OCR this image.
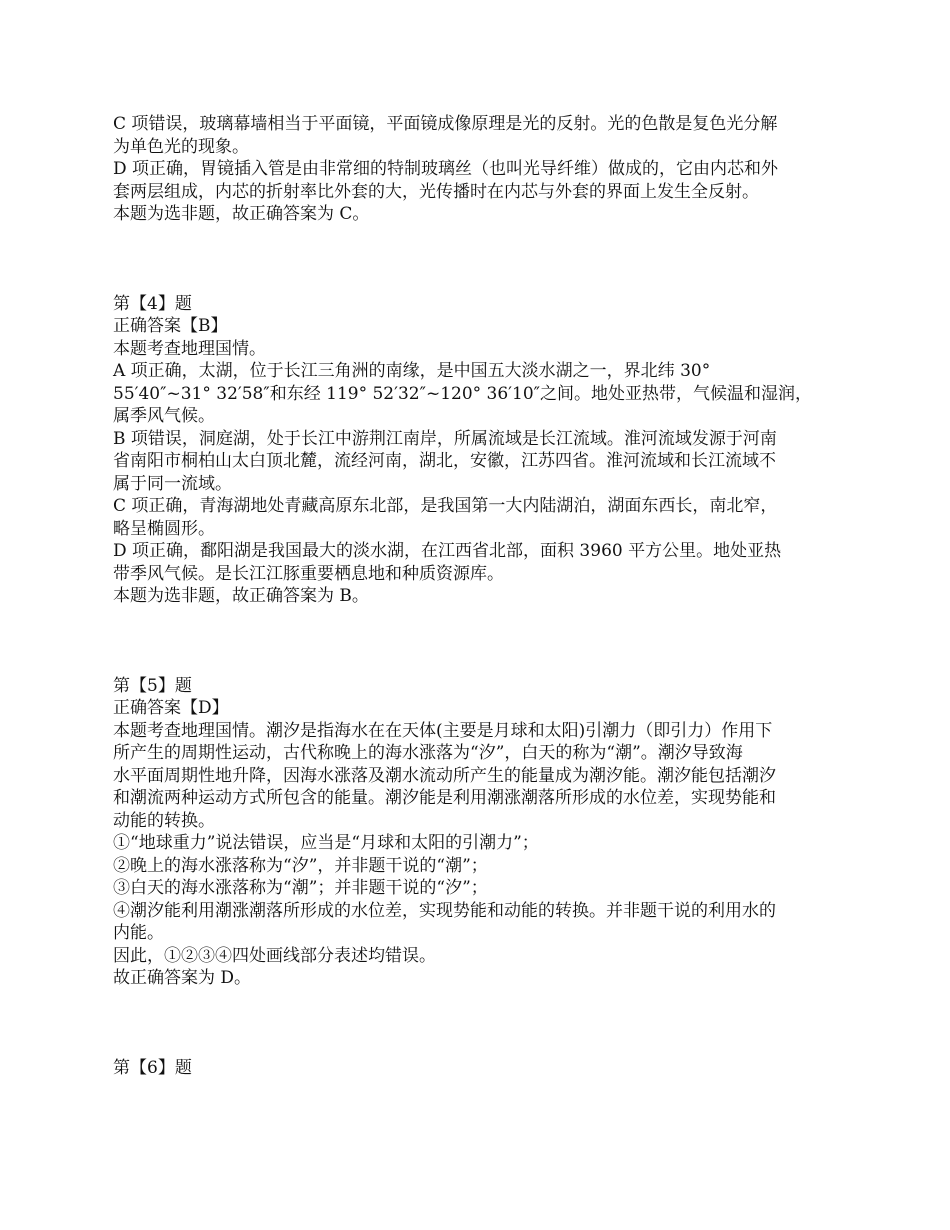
C 项错误，玻璃幕墙相当于平面镜，平面镜成像原理是光的反射。光的色散是复色光分解
为单色光的现象。
D 项正确，胃镜插入管是由非常细的特制玻璃丝（也叫光导纤维）做成的，它由内芯和外
套两层组成，内芯的折射率比外套的大，光传播时在内芯与外套的界面上发生全反射。
本题为选非题，故正确答案为 C。
第【4】题
正确答案【B】
本题考查地理国情。
A 项正确，太湖，位于长江三角洲的南缘，是中国五大淡水湖之一，界北纬 30°
55′40″~31° 32′58″和东经 119° 52′32″~120° 36′10″之间。地处亚热带，气候温和湿润，
属季风气候。
B 项错误，洞庭湖，处于长江中游荆江南岸，所属流域是长江流域。淮河流域发源于河南
省南阳市桐柏山太白顶北麓，流经河南，湖北，安徽，江苏四省。淮河流域和长江流域不
属于同一流域。
C 项正确，青海湖地处青藏高原东北部，是我国第一大内陆湖泊，湖面东西长，南北窄，
略呈椭圆形。
D 项正确，鄱阳湖是我国最大的淡水湖，在江西省北部，面积 3960 平方公里。地处亚热
带季风气候。是长江江豚重要栖息地和种质资源库。
本题为选非题，故正确答案为 B。
第【5】题
正确答案【D】
本题考查地理国情。潮汐是指海水在在天体(主要是月球和太阳)引潮力（即引力）作用下
所产生的周期性运动，古代称晚上的海水涨落为“汐”，白天的称为“潮”。潮汐导致海
水平面周期性地升降，因海水涨落及潮水流动所产生的能量成为潮汐能。潮汐能包括潮汐
和潮流两种运动方式所包含的能量。潮汐能是利用潮涨潮落所形成的水位差，实现势能和
动能的转换。
①“地球重力”说法错误，应当是“月球和太阳的引潮力”；
②晚上的海水涨落称为“汐”，并非题干说的“潮”；
③白天的海水涨落称为“潮”；并非题干说的“汐”；
④潮汐能利用潮涨潮落所形成的水位差，实现势能和动能的转换。并非题干说的利用水的
内能。
因此，①②③④四处画线部分表述均错误。
故正确答案为 D。
第【6】题
